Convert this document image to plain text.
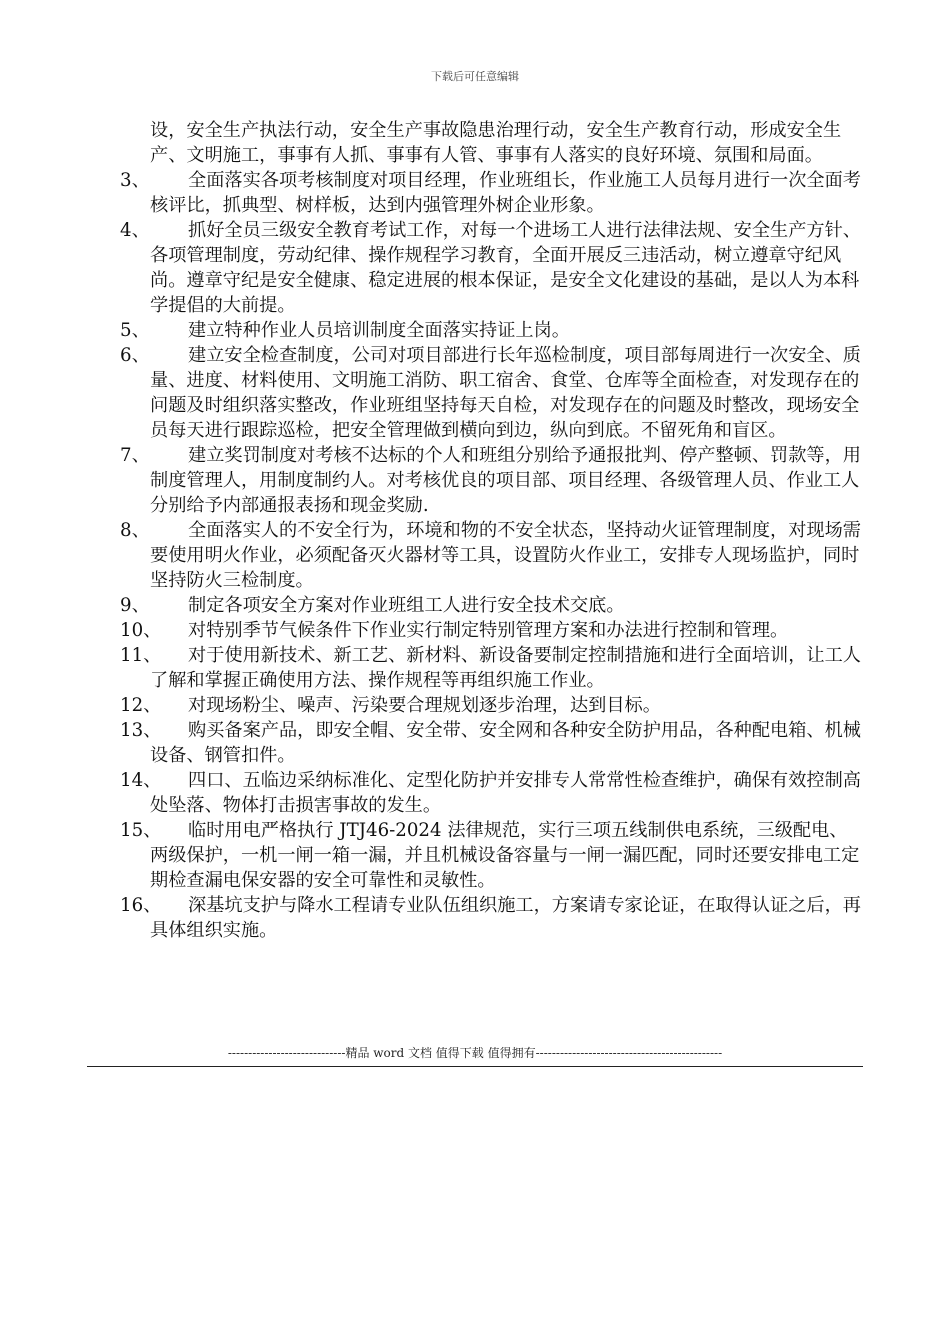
下载后可任意编辑
设，安全生产执法行动，安全生产事故隐患治理行动，安全生产教育行动，形成安全生产、文明施工，事事有人抓、事事有人管、事事有人落实的良好环境、氛围和局面。
3、	全面落实各项考核制度对项目经理，作业班组长，作业施工人员每月进行一次全面考核评比，抓典型、树样板，达到内强管理外树企业形象。
4、	抓好全员三级安全教育考试工作，对每一个进场工人进行法律法规、安全生产方针、各项管理制度，劳动纪律、操作规程学习教育，全面开展反三违活动，树立遵章守纪风尚。遵章守纪是安全健康、稳定进展的根本保证，是安全文化建设的基础，是以人为本科学提倡的大前提。
5、	建立特种作业人员培训制度全面落实持证上岗。
6、	建立安全检查制度，公司对项目部进行长年巡检制度，项目部每周进行一次安全、质量、进度、材料使用、文明施工消防、职工宿舍、食堂、仓库等全面检查，对发现存在的问题及时组织落实整改，作业班组坚持每天自检，对发现存在的问题及时整改，现场安全员每天进行跟踪巡检，把安全管理做到横向到边，纵向到底。不留死角和盲区。
7、	建立奖罚制度对考核不达标的个人和班组分别给予通报批判、停产整顿、罚款等，用制度管理人，用制度制约人。对考核优良的项目部、项目经理、各级管理人员、作业工人分别给予内部通报表扬和现金奖励.
8、	全面落实人的不安全行为，环境和物的不安全状态，坚持动火证管理制度，对现场需要使用明火作业，必须配备灭火器材等工具，设置防火作业工，安排专人现场监护，同时坚持防火三检制度。
9、	制定各项安全方案对作业班组工人进行安全技术交底。
10、	对特别季节气候条件下作业实行制定特别管理方案和办法进行控制和管理。
11、	对于使用新技术、新工艺、新材料、新设备要制定控制措施和进行全面培训，让工人了解和掌握正确使用方法、操作规程等再组织施工作业。
12、	对现场粉尘、噪声、污染要合理规划逐步治理，达到目标。
13、	购买备案产品，即安全帽、安全带、安全网和各种安全防护用品，各种配电箱、机械设备、钢管扣件。
14、	四口、五临边采纳标准化、定型化防护并安排专人常常性检查维护，确保有效控制高处坠落、物体打击损害事故的发生。
15、	临时用电严格执行 JTJ46-2024 法律规范，实行三项五线制供电系统，三级配电、两级保护，一机一闸一箱一漏，并且机械设备容量与一闸一漏匹配，同时还要安排电工定期检查漏电保安器的安全可靠性和灵敏性。
16、	深基坑支护与降水工程请专业队伍组织施工，方案请专家论证，在取得认证之后，再具体组织实施。
-----------------------------精品 word 文档 值得下载 值得拥有----------------------------------------------
